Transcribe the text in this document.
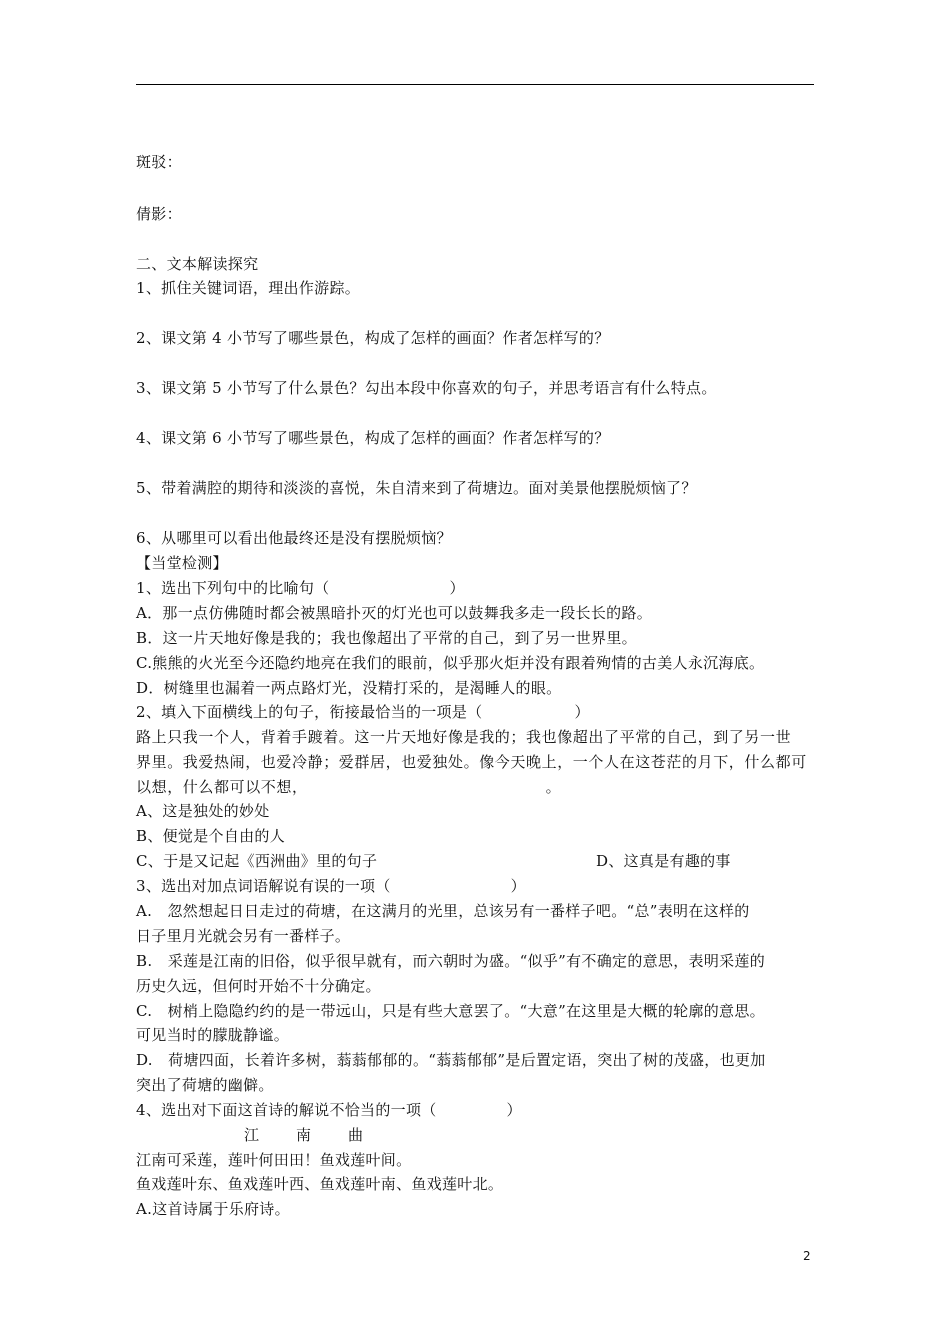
斑驳：
倩影：
二、文本解读探究
1、抓住关键词语，理出作游踪。
2、课文第 4 小节写了哪些景色，构成了怎样的画面？作者怎样写的？
3、课文第 5 小节写了什么景色？勾出本段中你喜欢的句子，并思考语言有什么特点。
4、课文第 6 小节写了哪些景色，构成了怎样的画面？作者怎样写的？
5、带着满腔的期待和淡淡的喜悦，朱自清来到了荷塘边。面对美景他摆脱烦恼了？
6、从哪里可以看出他最终还是没有摆脱烦恼？
【当堂检测】
1、选出下列句中的比喻句（	）
A．那一点仿佛随时都会被黑暗扑灭的灯光也可以鼓舞我多走一段长长的路。
B．这一片天地好像是我的；我也像超出了平常的自己，到了另一世界里。
C.熊熊的火光至今还隐约地亮在我们的眼前，似乎那火炬并没有跟着殉情的古美人永沉海底。
D．树缝里也漏着一两点路灯光，没精打采的，是渴睡人的眼。
2、填入下面横线上的句子，衔接最恰当的一项是（	）
路上只我一个人，背着手踱着。这一片天地好像是我的；我也像超出了平常的自己，到了另一世
界里。我爱热闹，也爱冷静；爱群居，也爱独处。像今天晚上，一个人在这苍茫的月下，什么都可
以想，什么都可以不想，	。
A、这是独处的妙处
B、便觉是个自由的人
C、于是又记起《西洲曲》里的句子	D、这真是有趣的事
3、选出对加点词语解说有误的一项（	）
A.　忽然想起日日走过的荷塘，在这满月的光里，总该另有一番样子吧。“总”表明在这样的
日子里月光就会另有一番样子。
B.　采莲是江南的旧俗，似乎很早就有，而六朝时为盛。“似乎”有不确定的意思，表明采莲的
历史久远，但何时开始不十分确定。
C.　树梢上隐隐约约的是一带远山，只是有些大意罢了。“大意”在这里是大概的轮廓的意思。
可见当时的朦胧静谧。
D.　荷塘四面，长着许多树，蓊蓊郁郁的。“蓊蓊郁郁”是后置定语，突出了树的茂盛，也更加
突出了荷塘的幽僻。
4、选出对下面这首诗的解说不恰当的一项（	）
江 南 曲
江南可采莲，莲叶何田田！鱼戏莲叶间。
鱼戏莲叶东、鱼戏莲叶西、鱼戏莲叶南、鱼戏莲叶北。
A.这首诗属于乐府诗。
2
